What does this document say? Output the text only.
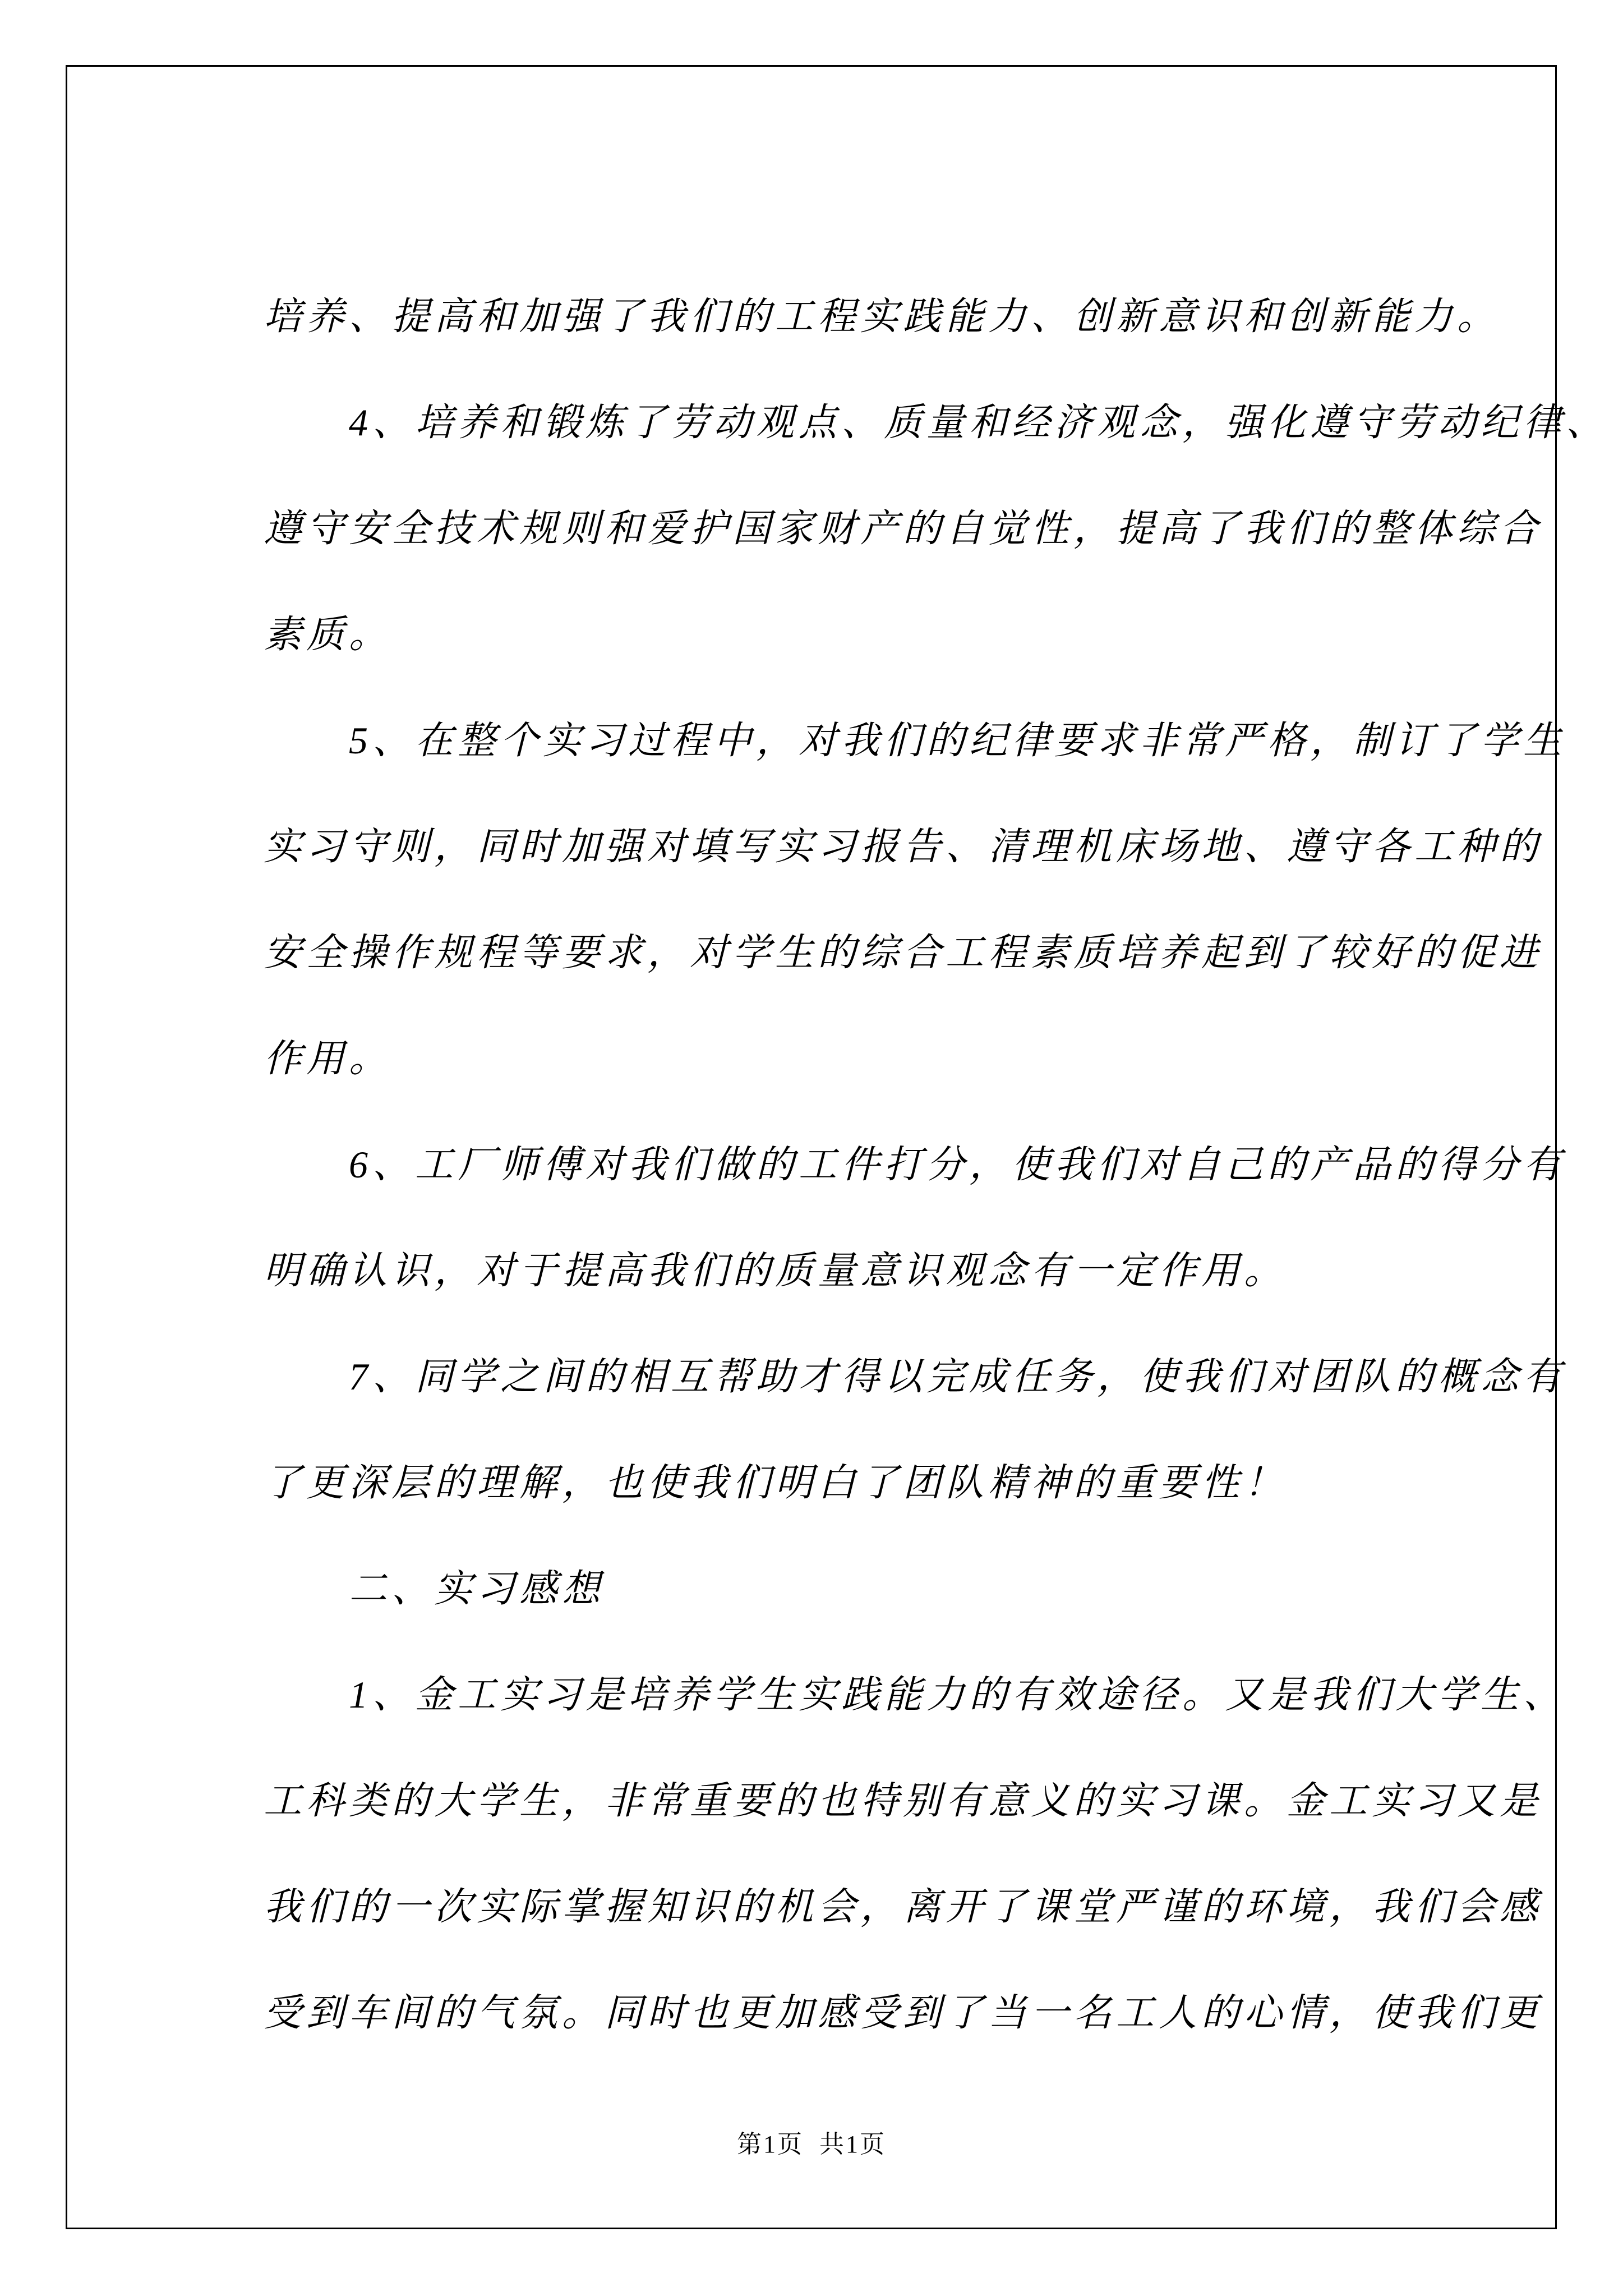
培养、提高和加强了我们的工程实践能力、创新意识和创新能力。

4、培养和锻炼了劳动观点、质量和经济观念，强化遵守劳动纪律、

遵守安全技术规则和爱护国家财产的自觉性，提高了我们的整体综合

素质。

5、在整个实习过程中，对我们的纪律要求非常严格，制订了学生

实习守则，同时加强对填写实习报告、清理机床场地、遵守各工种的

安全操作规程等要求，对学生的综合工程素质培养起到了较好的促进

作用。

6、工厂师傅对我们做的工件打分，使我们对自己的产品的得分有

明确认识，对于提高我们的质量意识观念有一定作用。

7、同学之间的相互帮助才得以完成任务，使我们对团队的概念有

了更深层的理解，也使我们明白了团队精神的重要性！

二、实习感想

1、金工实习是培养学生实践能力的有效途径。又是我们大学生、

工科类的大学生，非常重要的也特别有意义的实习课。金工实习又是

我们的一次实际掌握知识的机会，离开了课堂严谨的环境，我们会感

受到车间的气氛。同时也更加感受到了当一名工人的心情，使我们更

第1页  共1页
